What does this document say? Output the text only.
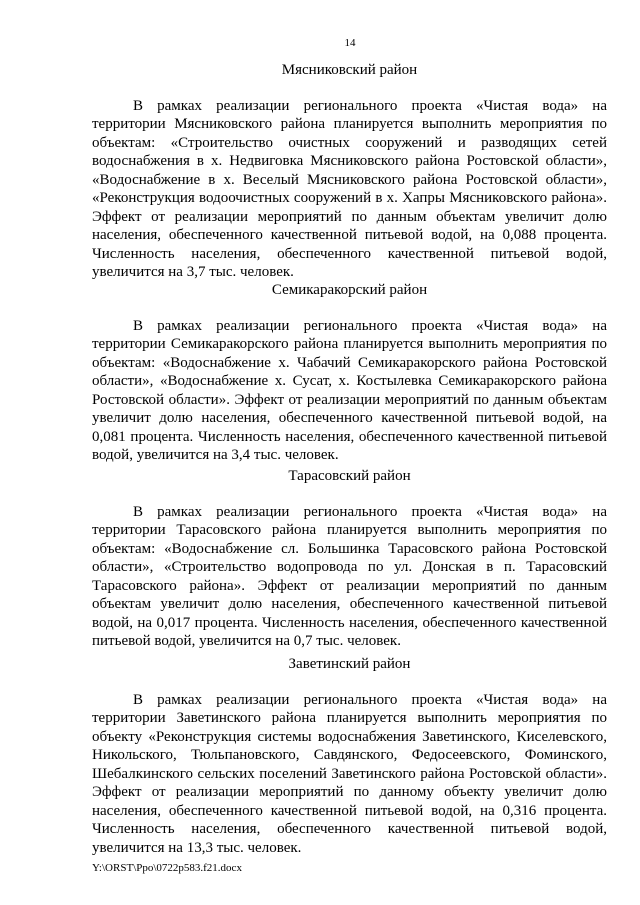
14
Мясниковский район

В рамках реализации регионального проекта «Чистая вода» на территории Мясниковского района планируется выполнить мероприятия по объектам: «Строительство очистных сооружений и разводящих сетей водоснабжения в х. Недвиговка Мясниковского района Ростовской области», «Водоснабжение в х. Веселый Мясниковского района Ростовской области», «Реконструкция водоочистных сооружений в х. Хапры Мясниковского района». Эффект от реализации мероприятий по данным объектам увеличит долю населения, обеспеченного качественной питьевой водой, на 0,088 процента. Численность населения, обеспеченного качественной питьевой водой, увеличится на 3,7 тыс. человек.

Семикаракорский район

В рамках реализации регионального проекта «Чистая вода» на территории Семикаракорского района планируется выполнить мероприятия по объектам: «Водоснабжение х. Чабачий Семикаракорского района Ростовской области», «Водоснабжение х. Сусат, х. Костылевка Семикаракорского района Ростовской области». Эффект от реализации мероприятий по данным объектам увеличит долю населения, обеспеченного качественной питьевой водой, на 0,081 процента. Численность населения, обеспеченного качественной питьевой водой, увеличится на 3,4 тыс. человек.

Тарасовский район

В рамках реализации регионального проекта «Чистая вода» на территории Тарасовского района планируется выполнить мероприятия по объектам: «Водоснабжение сл. Большинка Тарасовского района Ростовской области», «Строительство водопровода по ул. Донская в п. Тарасовский Тарасовского района». Эффект от реализации мероприятий по данным объектам увеличит долю населения, обеспеченного качественной питьевой водой, на 0,017 процента. Численность населения, обеспеченного качественной питьевой водой, увеличится на 0,7 тыс. человек.

Заветинский район

В рамках реализации регионального проекта «Чистая вода» на территории Заветинского района планируется выполнить мероприятия по объекту «Реконструкция системы водоснабжения Заветинского, Киселевского, Никольского, Тюльпановского, Савдянского, Федосеевского, Фоминского, Шебалкинского сельских поселений Заветинского района Ростовской области». Эффект от реализации мероприятий по данному объекту увеличит долю населения, обеспеченного качественной питьевой водой, на 0,316 процента. Численность населения, обеспеченного качественной питьевой водой, увеличится на 13,3 тыс. человек.

Y:\ORST\Ppo\0722p583.f21.docx
